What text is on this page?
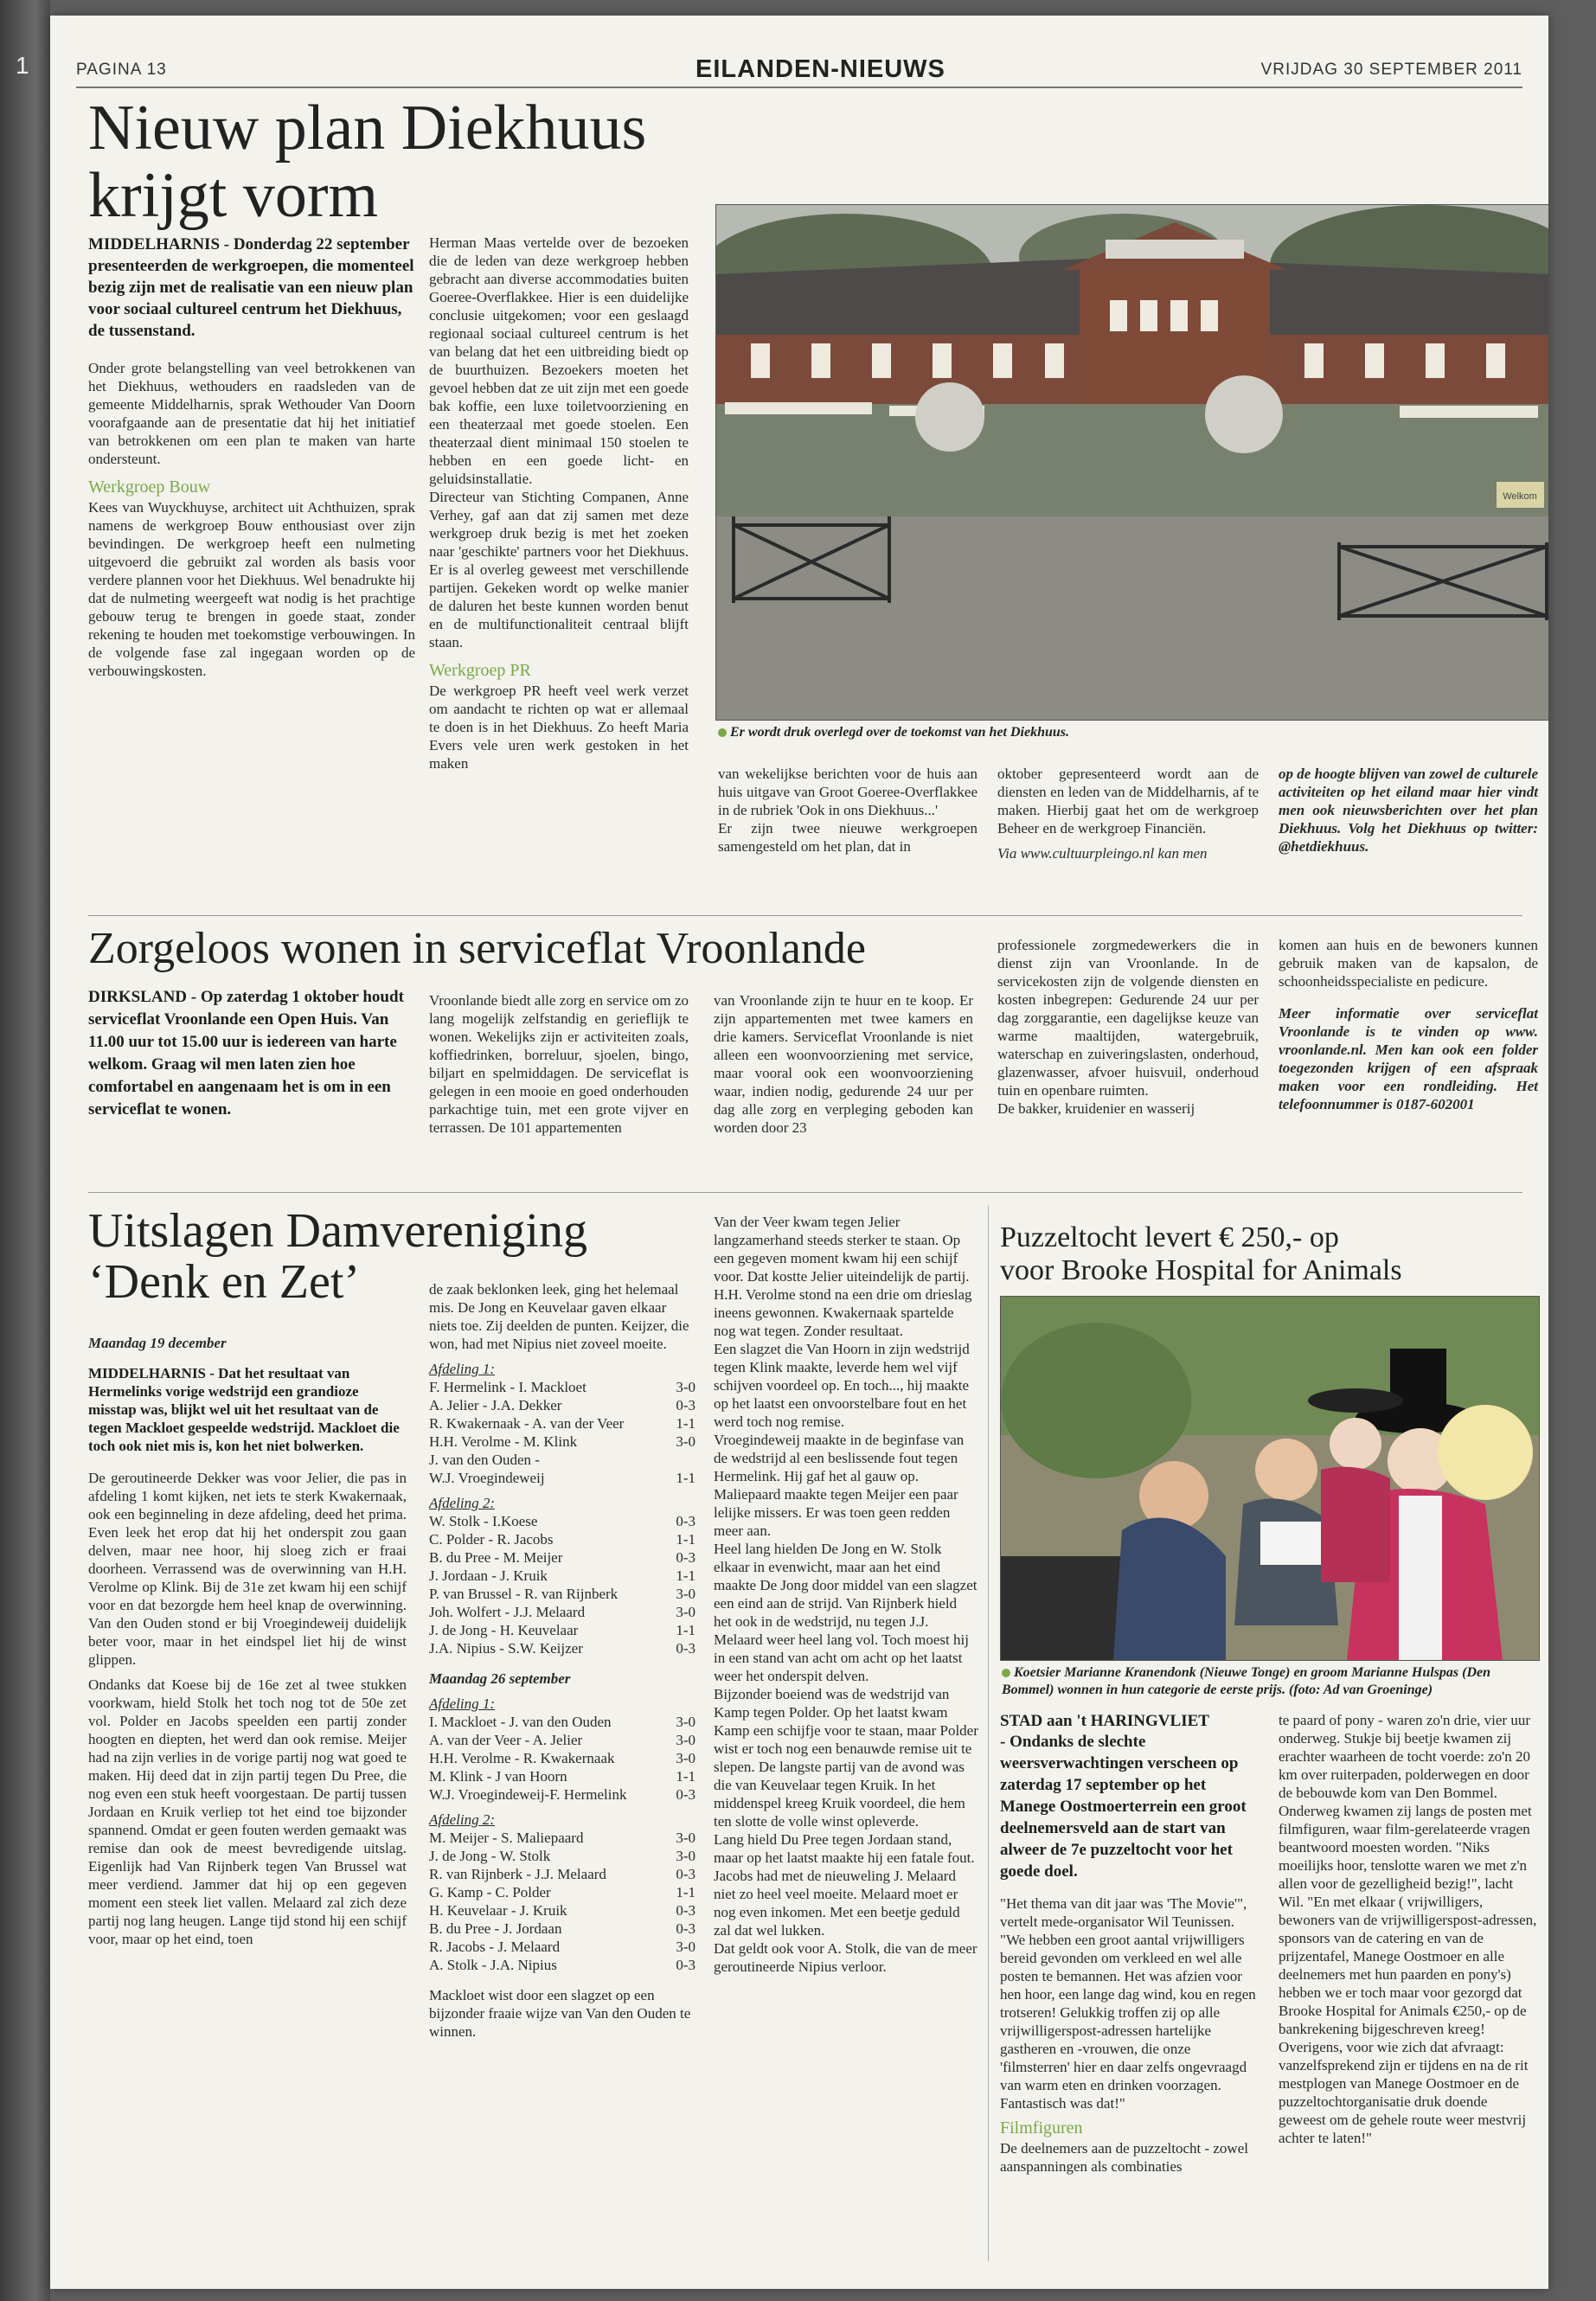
1	PAGINA 13	EILANDEN-NIEUWS	VRIJDAG 30 SEPTEMBER 2011
Nieuw plan Diekhuus
krijgt vorm

MIDDELHARNIS - Donderdag 22 september presenteerden de werkgroepen, die momenteel bezig zijn met de realisatie van een nieuw plan voor sociaal cultureel centrum het Diekhuus, de tussenstand.

Onder grote belangstelling van veel betrokkenen van het Diekhuus, wethouders en raadsleden van de gemeente Middelharnis, sprak Wethouder Van Doorn voorafgaande aan de presentatie dat hij het initiatief van betrokkenen om een plan te maken van harte ondersteunt.

Werkgroep Bouw

Kees van Wuyckhuyse, architect uit Achthuizen, sprak namens de werkgroep Bouw enthousiast over zijn bevindingen. De werkgroep heeft een nulmeting uitgevoerd die gebruikt zal worden als basis voor verdere plannen voor het Diekhuus. Wel benadrukte hij dat de nulmeting weergeeft wat nodig is het prachtige gebouw terug te brengen in goede staat, zonder rekening te houden met toekomstige verbouwingen. In de volgende fase zal ingegaan worden op de verbouwingskosten.

Herman Maas vertelde over de bezoeken die de leden van deze werkgroep hebben gebracht aan diverse accommodaties buiten Goeree-Overflakkee. Hier is een duidelijke conclusie uitgekomen; voor een geslaagd regionaal sociaal cultureel centrum is het van belang dat het een uitbreiding biedt op de buurthuizen. Bezoekers moeten het gevoel hebben dat ze uit zijn met een goede bak koffie, een luxe toiletvoorziening en een theaterzaal met goede stoelen. Een theaterzaal dient minimaal 150 stoelen te hebben en een goede licht- en geluidsinstallatie.

Directeur van Stichting Companen, Anne Verhey, gaf aan dat zij samen met deze werkgroep druk bezig is met het zoeken naar 'geschikte' partners voor het Diekhuus. Er is al overleg geweest met verschillende partijen. Gekeken wordt op welke manier de daluren het beste kunnen worden benut en de multifunctionaliteit centraal blijft staan.

Werkgroep PR

De werkgroep PR heeft veel werk verzet om aandacht te richten op wat er allemaal te doen is in het Diekhuus. Zo heeft Maria Evers vele uren werk gestoken in het maken

Welkom
Er wordt druk overlegd over de toekomst van het Diekhuus.

van wekelijkse berichten voor de huis aan huis uitgave van Groot Goeree-Overflakkee in de rubriek 'Ook in ons Diekhuus...'

Er zijn twee nieuwe werkgroepen samengesteld om het plan, dat in

oktober gepresenteerd wordt aan de diensten en leden van de Middelharnis, af te maken. Hierbij gaat het om de werkgroep Beheer en de werkgroep Financiën.

Via www.cultuurpleingo.nl kan men

op de hoogte blijven van zowel de culturele activiteiten op het eiland maar hier vindt men ook nieuwsberichten over het plan Diekhuus. Volg het Diekhuus op twitter: @hetdiekhuus.
Zorgeloos wonen in serviceflat Vroonlande
DIRKSLAND - Op zaterdag 1 oktober houdt serviceflat Vroonlande een Open Huis. Van 11.00 uur tot 15.00 uur is iedereen van harte welkom. Graag wil men laten zien hoe comfortabel en aangenaam het is om in een serviceflat te wonen.
Vroonlande biedt alle zorg en service om zo lang mogelijk zelfstandig en gerieflijk te wonen. Wekelijks zijn er activiteiten zoals, koffiedrinken, borreluur, sjoelen, bingo, biljart en spelmiddagen. De serviceflat is gelegen in een mooie en goed onderhouden parkachtige tuin, met een grote vijver en terrassen. De 101 appartementen
van Vroonlande zijn te huur en te koop. Er zijn appartementen met twee kamers en drie kamers. Serviceflat Vroonlande is niet alleen een woonvoorziening met service, maar vooral ook een woonvoorziening waar, indien nodig, gedurende 24 uur per dag alle zorg en verpleging geboden kan worden door 23

professionele zorgmedewerkers die in dienst zijn van Vroonlande. In de servicekosten zijn de volgende diensten en kosten inbegrepen: Gedurende 24 uur per dag zorggarantie, een dagelijkse keuze van warme maaltijden, watergebruik, waterschap en zuiveringslasten, onderhoud, glazenwasser, afvoer huisvuil, onderhoud tuin en openbare ruimten.

De bakker, kruidenier en wasserij

komen aan huis en de bewoners kunnen gebruik maken van de kapsalon, de schoonheidsspecialiste en pedicure.

Meer informatie over serviceflat Vroonlande is te vinden op www. vroonlande.nl. Men kan ook een folder toegezonden krijgen of een afspraak maken voor een rondleiding. Het telefoonnummer is 0187-602001

Uitslagen Damvereniging
‘Denk en Zet’

Maandag 19 december

MIDDELHARNIS - Dat het resultaat van Hermelinks vorige wedstrijd een grandioze misstap was, blijkt wel uit het resultaat van de tegen Mackloet gespeelde wedstrijd. Mackloet die toch ook niet mis is, kon het niet bolwerken.

De geroutineerde Dekker was voor Jelier, die pas in afdeling 1 komt kijken, net iets te sterk Kwakernaak, ook een beginneling in deze afdeling, deed het prima. Even leek het erop dat hij het onderspit zou gaan delven, maar nee hoor, hij sloeg zich er fraai doorheen. Verrassend was de overwinning van H.H. Verolme op Klink. Bij de 31e zet kwam hij een schijf voor en dat bezorgde hem heel knap de overwinning. Van den Ouden stond er bij Vroegindeweij duidelijk beter voor, maar in het eindspel liet hij de winst glippen.

Ondanks dat Koese bij de 16e zet al twee stukken voorkwam, hield Stolk het toch nog tot de 50e zet vol. Polder en Jacobs speelden een partij zonder hoogten en diepten, het werd dan ook remise. Meijer had na zijn verlies in de vorige partij nog wat goed te maken. Hij deed dat in zijn partij tegen Du Pree, die nog even een stuk heeft voorgestaan. De partij tussen Jordaan en Kruik verliep tot het eind toe bijzonder spannend. Omdat er geen fouten werden gemaakt was remise dan ook de meest bevredigende uitslag. Eigenlijk had Van Rijnberk tegen Van Brussel wat meer verdiend. Jammer dat hij op een gegeven moment een steek liet vallen. Melaard zal zich deze partij nog lang heugen. Lange tijd stond hij een schijf voor, maar op het eind, toen

de zaak beklonken leek, ging het helemaal mis. De Jong en Keuvelaar gaven elkaar niets toe. Zij deelden de punten. Keijzer, die won, had met Nipius niet zoveel moeite.

Afdeling 1:
F. Hermelink - I. Mackloet	3-0
A. Jelier - J.A. Dekker	0-3
R. Kwakernaak - A. van der Veer	1-1
H.H. Verolme - M. Klink	3-0
J. van den Ouden -	
W.J. Vroegindeweij	1-1
Afdeling 2:
W. Stolk - I.Koese	0-3
C. Polder - R. Jacobs	1-1
B. du Pree - M. Meijer	0-3
J. Jordaan - J. Kruik	1-1
P. van Brussel - R. van Rijnberk	3-0
Joh. Wolfert - J.J. Melaard	3-0
J. de Jong - H. Keuvelaar	1-1
J.A. Nipius - S.W. Keijzer	0-3

Maandag 26 september

Afdeling 1:
I. Mackloet - J. van den Ouden	3-0
A. van der Veer - A. Jelier	3-0
H.H. Verolme - R. Kwakernaak	3-0
M. Klink - J van Hoorn	1-1
W.J. Vroegindeweij-F. Hermelink	0-3
Afdeling 2:
M. Meijer - S. Maliepaard	3-0
J. de Jong - W. Stolk	3-0
R. van Rijnberk - J.J. Melaard	0-3
G. Kamp - C. Polder	1-1
H. Keuvelaar - J. Kruik	0-3
B. du Pree - J. Jordaan	0-3
R. Jacobs - J. Melaard	3-0
A. Stolk - J.A. Nipius	0-3

Mackloet wist door een slagzet op een bijzonder fraaie wijze van Van den Ouden te winnen.

Van der Veer kwam tegen Jelier langzamerhand steeds sterker te staan. Op een gegeven moment kwam hij een schijf voor. Dat kostte Jelier uiteindelijk de partij.

H.H. Verolme stond na een drie om drieslag ineens gewonnen. Kwakernaak spartelde nog wat tegen. Zonder resultaat.

Een slagzet die Van Hoorn in zijn wedstrijd tegen Klink maakte, leverde hem wel vijf schijven voordeel op. En toch..., hij maakte op het laatst een onvoorstelbare fout en het werd toch nog remise.

Vroegindeweij maakte in de beginfase van de wedstrijd al een beslissende fout tegen Hermelink. Hij gaf het al gauw op.

Maliepaard maakte tegen Meijer een paar lelijke missers. Er was toen geen redden meer aan.

Heel lang hielden De Jong en W. Stolk elkaar in evenwicht, maar aan het eind maakte De Jong door middel van een slagzet een eind aan de strijd. Van Rijnberk hield het ook in de wedstrijd, nu tegen J.J. Melaard weer heel lang vol. Toch moest hij in een stand van acht om acht op het laatst weer het onderspit delven.

Bijzonder boeiend was de wedstrijd van Kamp tegen Polder. Op het laatst kwam Kamp een schijfje voor te staan, maar Polder wist er toch nog een benauwde remise uit te slepen. De langste partij van de avond was die van Keuvelaar tegen Kruik. In het middenspel kreeg Kruik voordeel, die hem ten slotte de volle winst opleverde.

Lang hield Du Pree tegen Jordaan stand, maar op het laatst maakte hij een fatale fout.

Jacobs had met de nieuweling J. Melaard niet zo heel veel moeite. Melaard moet er nog even inkomen. Met een beetje geduld zal dat wel lukken.

Dat geldt ook voor A. Stolk, die van de meer geroutineerde Nipius verloor.

Puzzeltocht levert € 250,- op
voor Brooke Hospital for Animals
Koetsier Marianne Kranendonk (Nieuwe Tonge) en groom Marianne Hulspas (Den Bommel) wonnen in hun categorie de eerste prijs. (foto: Ad van Groeninge)

STAD aan 't HARINGVLIET

- Ondanks de slechte weersverwachtingen verscheen op zaterdag 17 september op het Manege Oostmoerterrein een groot deelnemersveld aan de start van alweer de 7e puzzeltocht voor het goede doel.

"Het thema van dit jaar was 'The Movie'", vertelt mede-organisator Wil Teunissen. "We hebben een groot aantal vrijwilligers bereid gevonden om verkleed en wel alle posten te bemannen. Het was afzien voor hen hoor, een lange dag wind, kou en regen trotseren! Gelukkig troffen zij op alle vrijwilligerspost-adressen hartelijke gastheren en -vrouwen, die onze 'filmsterren' hier en daar zelfs ongevraagd van warm eten en drinken voorzagen. Fantastisch was dat!"

Filmfiguren

De deelnemers aan de puzzeltocht - zowel aanspanningen als combinaties

te paard of pony - waren zo'n drie, vier uur onderweg. Stukje bij beetje kwamen zij erachter waarheen de tocht voerde: zo'n 20 km over ruiterpaden, polderwegen en door de bebouwde kom van Den Bommel. Onderweg kwamen zij langs de posten met filmfiguren, waar film-gerelateerde vragen beantwoord moesten worden. "Niks moeilijks hoor, tenslotte waren we met z'n allen voor de gezelligheid bezig!", lacht Wil. "En met elkaar ( vrijwilligers, bewoners van de vrijwilligerspost-adressen, sponsors van de catering en van de prijzentafel, Manege Oostmoer en alle deelnemers met hun paarden en pony's) hebben we er toch maar voor gezorgd dat Brooke Hospital for Animals €250,- op de bankrekening bijgeschreven kreeg! Overigens, voor wie zich dat afvraagt: vanzelfsprekend zijn er tijdens en na de rit mestplogen van Manege Oostmoer en de puzzeltochtorganisatie druk doende geweest om de gehele route weer mestvrij achter te laten!"
